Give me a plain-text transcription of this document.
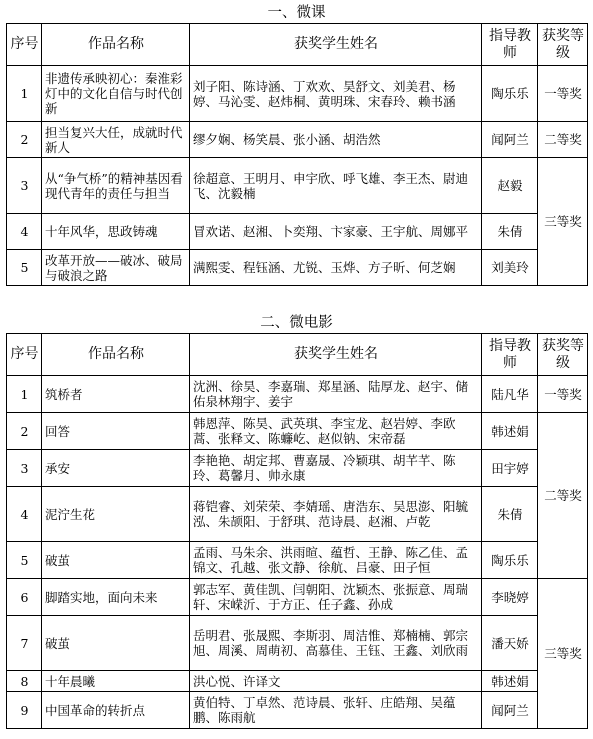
一、微课
序号	作品名称	获奖学生姓名	指导教师	获奖等级
1	非遗传承映初心：秦淮彩灯中的文化自信与时代创新	刘子阳、陈诗涵、丁欢欢、昊舒文、刘美君、杨婷、马沁雯、赵炜桐、黄明珠、宋春玲、赖书涵	陶乐乐	一等奖
2	担当复兴大任，成就时代新人	缪夕娴、杨笑晨、张小涵、胡浩然	闻阿兰	二等奖
3	从“争气桥”的精神基因看现代青年的责任与担当	徐超意、王明月、申宇欣、呼飞雄、李王杰、尉迪飞、沈毅楠	赵毅	三等奖
4	十年风华，思政铸魂	冒欢诺、赵湘、卜奕翔、卞家豪、王宇航、周娜平	朱倩	
5	改革开放——破冰、破局与破浪之路	满熙雯、程钰涵、尤锐、玉烨、方子昕、何芝娴	刘美玲	
二、微电影
序号	作品名称	获奖学生姓名	指导教师	获奖等级
1	筑桥者	沈洲、徐昊、李嘉瑞、郑星涵、陆厚龙、赵宇、储佑泉林翔宇、姜宇	陆凡华	一等奖
2	回答	韩恩萍、陈昊、武英琪、李宝龙、赵岩婷、李欧蒿、张释文、陈蠊屹、赵似钠、宋帝磊	韩述娟	二等奖
3	承安	李艳艳、胡定邦、曹嘉晟、冷颖琪、胡芊芊、陈玲、葛馨月、帅永康	田宇婷	
4	泥泞生花	蒋铠睿、刘荣荣、李婧瑶、唐浩东、吴思澎、阳毓泓、朱颉阳、于舒琪、范诗晨、赵湘、卢乾	朱倩	
5	破茧	孟雨、马朱余、洪雨暄、蕴哲、王静、陈乙佳、孟锦文、孔越、张文静、徐航、吕豪、田子恒	陶乐乐	
6	脚踏实地，面向未来	郭志军、黄佳凯、闫朝阳、沈颖杰、张振意、周瑞轩、宋嵘沂、于方正、任子鑫、孙成	李晓婷	三等奖
7	破茧	岳明君、张晟熙、李斯羽、周洁惟、郑楠楠、郭宗旭、周溪、周萌初、高慕佳、王钰、王鑫、刘欣雨	潘天娇	
8	十年晨曦	洪心悦、许译文	韩述娟	
9	中国革命的转折点	黄伯特、丁卓然、范诗晨、张轩、庄皓翔、吴蕴鹏、陈雨航	闻阿兰	
